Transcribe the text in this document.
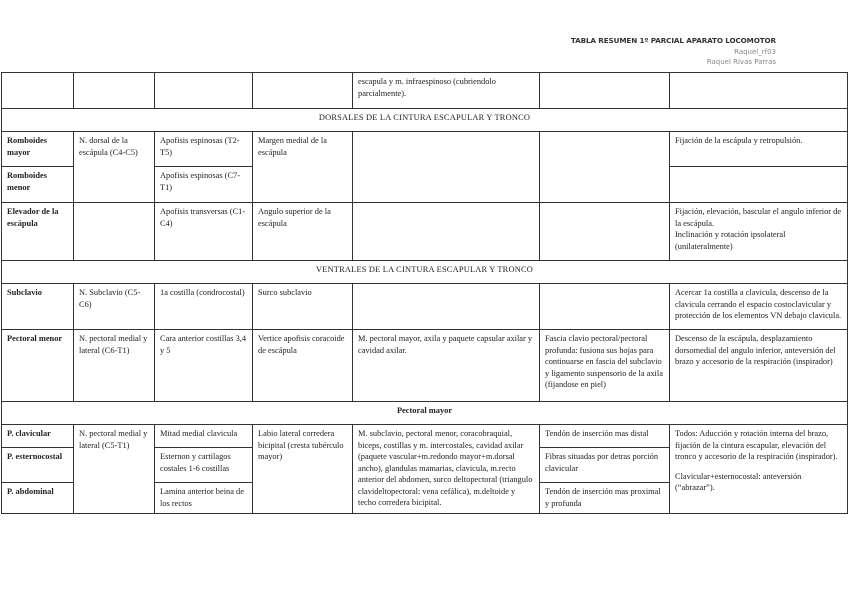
TABLA RESUMEN 1º PARCIAL APARATO LOCOMOTOR
Raquel_rf03
Raquel Rivas Parras
				escapula y m. infraespinoso (cubriendolo parcialmente).		
DORSALES DE LA CINTURA ESCAPULAR Y TRONCO						
Romboides mayor	N. dorsal de la escápula (C4-C5)	Apofisis espinosas (T2-T5)	Margen medial de la escápula			Fijación de la escápula y retropulsión.
Romboides menor		Apofisis espinosas (C7-T1)				
Elevador de la escápula		Apofisis transversas (C1-C4)	Angulo superior de la escápula			Fijación, elevación, bascular el angulo inferior de la escápula.
Inclinación y rotación ipsolateral (unilateralmente)

VENTRALES DE LA CINTURA ESCAPULAR Y TRONCO						
Subclavio	N. Subclavio (C5-C6)	1a costilla (condrocostal)	Surco subclavio			Acercar 1a costilla a clavicula, descenso de la clavicula cerrando el espacio costoclavicular y protección de los elementos VN debajo clavicula.
Pectoral menor	N. pectoral medial y lateral (C6-T1)	Cara anterior costillas 3,4 y 5	Vertice apofisis coracoide de escápula	M. pectoral mayor, axila y paquete capsular axilar y cavidad axilar.	Fascia clavio pectoral/pectoral profunda: fusiona sus hojas para continuarse en fascia del subclavio y ligamento suspensorio de la axila (fijandose en piel)	Descenso de la escápula, desplazamiento dorsomedial del angulo inferior, anteversión del brazo y accesorio de la respiración (inspirador)
Pectoral mayor						
P. clavicular	N. pectoral medial y lateral (C5-T1)	Mitad medial clavicula	Labio lateral corredera bicipital (cresta tubérculo mayor)	M. subclavio, pectoral menor, coracobraquial, biceps, costillas y m. intercostales, cavidad axilar (paquete vascular+m.redondo mayor+m.dorsal ancho), glandulas mamarias, clavicula, m.recto anterior del abdomen, surco deltopectoral (triangulo clavideltopectoral: vena cefálica), m.deltoide y techo corredera bicipital.	Tendón de inserción mas distal	Todos: Aducción y rotación interna del brazo, fijación de la cintura escapular, elevación del tronco y accesorio de la respiración (inspirador).
Clavicular+esternocostal: anteversión (“abrazar”).

P. esternocostal		Esternon y cartilagos costales 1-6 costillas			Fibras situadas por detras porción clavicular	
P. abdominal		Lamina anterior beina de los rectos			Tendón de inserción mas proximal y profunda	
